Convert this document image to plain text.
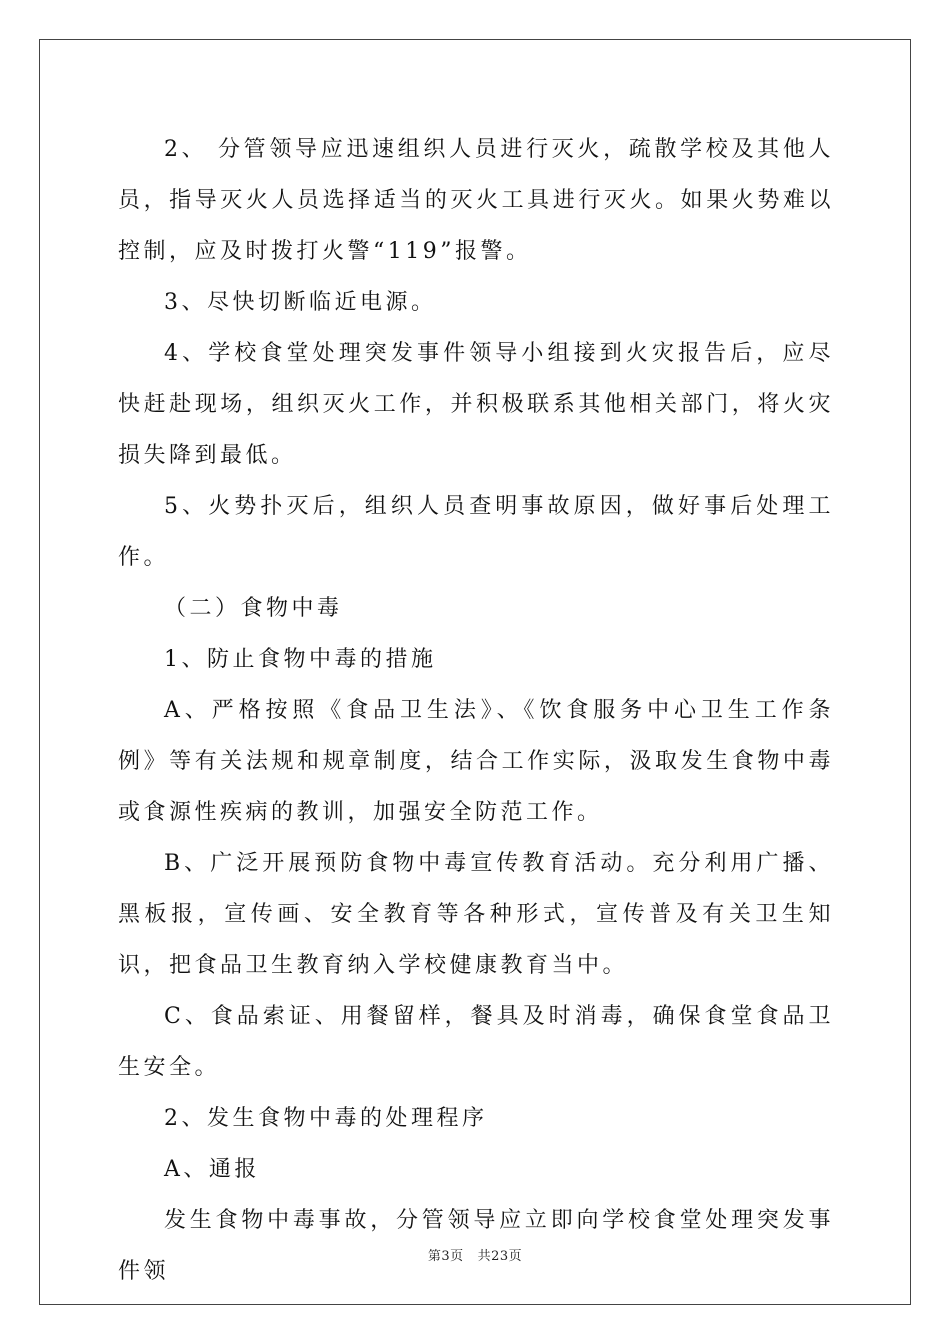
2、 分管领导应迅速组织人员进行灭火，疏散学校及其他人员，指导灭火人员选择适当的灭火工具进行灭火。如果火势难以控制，应及时拨打火警“119”报警。

3、尽快切断临近电源。

4、学校食堂处理突发事件领导小组接到火灾报告后，应尽快赶赴现场，组织灭火工作，并积极联系其他相关部门，将火灾损失降到最低。

5、火势扑灭后，组织人员查明事故原因，做好事后处理工作。

（二）食物中毒

1、防止食物中毒的措施

A、严格按照《食品卫生法》、《饮食服务中心卫生工作条例》等有关法规和规章制度，结合工作实际，汲取发生食物中毒或食源性疾病的教训，加强安全防范工作。

B、广泛开展预防食物中毒宣传教育活动。充分利用广播、黑板报，宣传画、安全教育等各种形式，宣传普及有关卫生知识，把食品卫生教育纳入学校健康教育当中。

C、食品索证、用餐留样，餐具及时消毒，确保食堂食品卫生安全。

2、发生食物中毒的处理程序

A、通报

发生食物中毒事故，分管领导应立即向学校食堂处理突发事件领

第3页 共23页
